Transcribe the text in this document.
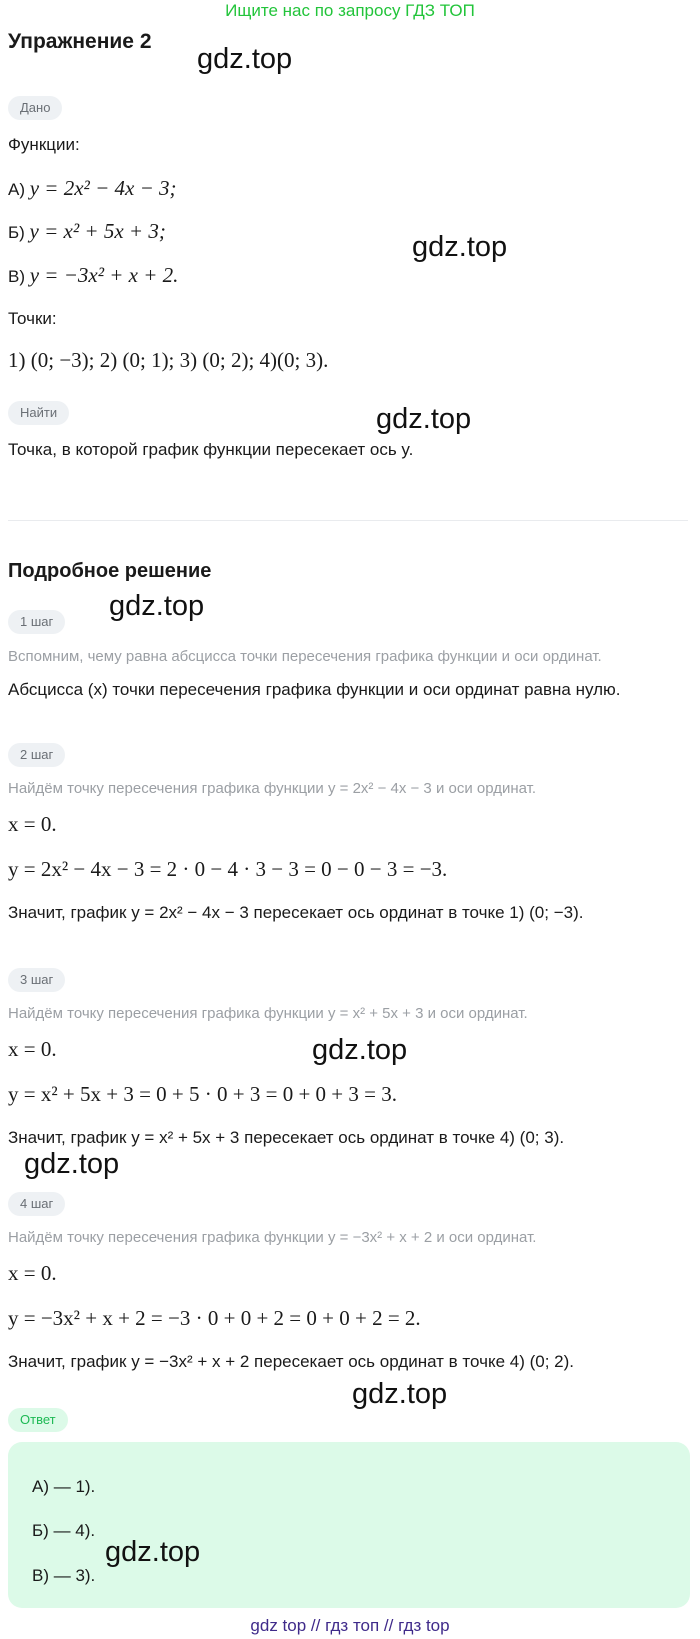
Ищите нас по запросу ГДЗ ТОП
Упражнение 2
Дано
Функции:
А) y = 2x² − 4x − 3;
Б) y = x² + 5x + 3;
В) y = −3x² + x + 2.
Точки:
1) (0; −3); 2) (0; 1); 3) (0; 2); 4)(0; 3).
Найти
Точка, в которой график функции пересекает ось y.
Подробное решение
1 шаг
Вспомним, чему равна абсцисса точки пересечения графика функции и оси ординат.
Абсцисса (x) точки пересечения графика функции и оси ординат равна нулю.
2 шаг
Найдём точку пересечения графика функции y = 2x² − 4x − 3 и оси ординат.
x = 0.
y = 2x² − 4x − 3 = 2 · 0 − 4 · 3 − 3 = 0 − 0 − 3 = −3.
Значит, график y = 2x² − 4x − 3 пересекает ось ординат в точке 1) (0; −3).
3 шаг
Найдём точку пересечения графика функции y = x² + 5x + 3 и оси ординат.
x = 0.
y = x² + 5x + 3 = 0 + 5 · 0 + 3 = 0 + 0 + 3 = 3.
Значит, график y = x² + 5x + 3 пересекает ось ординат в точке 4) (0; 3).
4 шаг
Найдём точку пересечения графика функции y = −3x² + x + 2 и оси ординат.
x = 0.
y = −3x² + x + 2 = −3 · 0 + 0 + 2 = 0 + 0 + 2 = 2.
Значит, график y = −3x² + x + 2 пересекает ось ординат в точке 4) (0; 2).
Ответ
А) — 1).
Б) — 4).
В) — 3).
gdz.top
gdz.top
gdz.top
gdz.top
gdz.top
gdz.top
gdz.top
gdz.top
gdz top // гдз топ // гдз top
